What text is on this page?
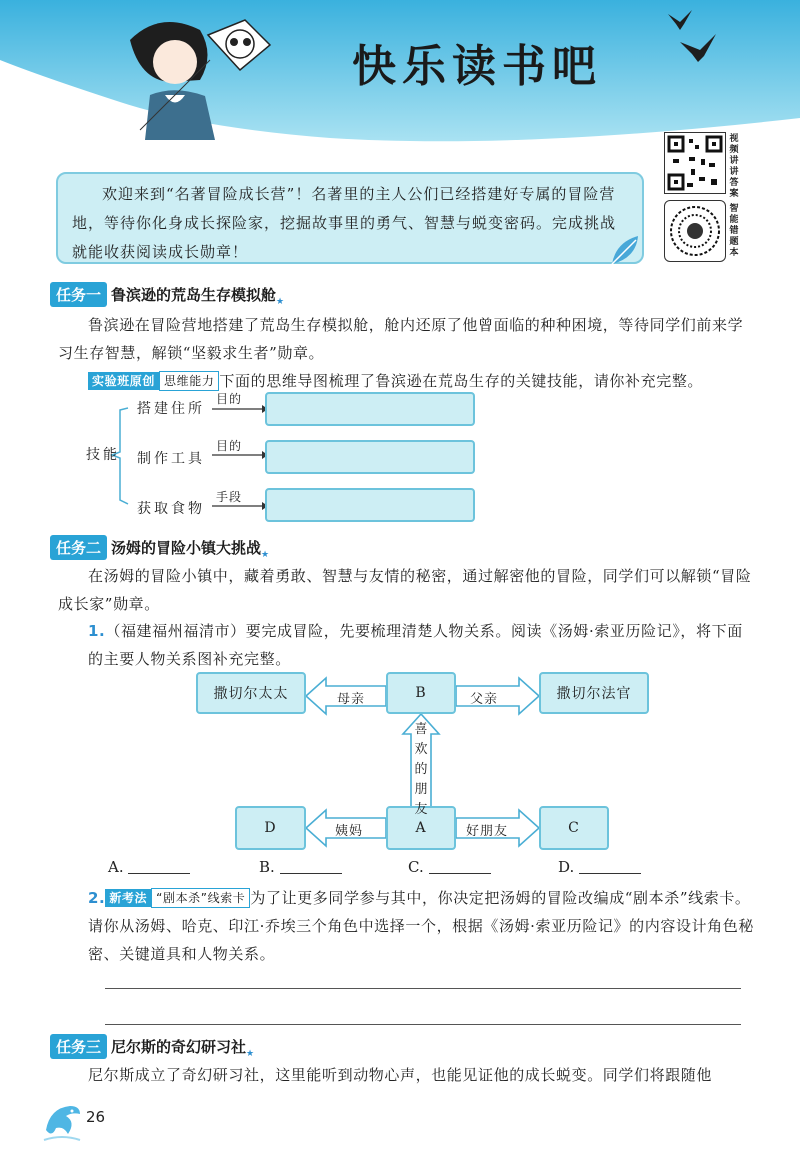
快乐读书吧

欢迎来到“名著冒险成长营”！名著里的主人公们已经搭建好专属的冒险营地，等待你化身成长探险家，挖掘故事里的勇气、智慧与蜕变密码。完成挑战就能收获阅读成长勋章！

视频讲讲答案
智能错题本
任务一 鲁滨逊的荒岛生存模拟舱$_★$

鲁滨逊在冒险营地搭建了荒岛生存模拟舱，舱内还原了他曾面临的种种困境，等待同学们前来学习生存智慧，解锁“坚毅求生者”勋章。

实验班原创 思维能力 下面的思维导图梳理了鲁滨逊在荒岛生存的关键技能，请你补充完整。
技能
搭建住所
制作工具
获取食物
目的
目的
手段
任务二 汤姆的冒险小镇大挑战$_★$

在汤姆的冒险小镇中，藏着勇敢、智慧与友情的秘密，通过解密他的冒险，同学们可以解锁“冒险成长家”勋章。

1.（福建福州福清市）要完成冒险，先要梳理清楚人物关系。阅读《汤姆·索亚历险记》，将下面的主要人物关系图补充完整。

撒切尔太太	B	撒切尔法官
D	A	C
母亲	父亲
喜欢的朋友
姨妈	好朋友
A.	B.	C.	D.

2. 新考法 “剧本杀”线索卡 为了让更多同学参与其中，你决定把汤姆的冒险改编成“剧本杀”线索卡。请你从汤姆、哈克、印江·乔埃三个角色中选择一个，根据《汤姆·索亚历险记》的内容设计角色秘密、关键道具和人物关系。

任务三 尼尔斯的奇幻研习社$_★$

尼尔斯成立了奇幻研习社，这里能听到动物心声，也能见证他的成长蜕变。同学们将跟随他

26
